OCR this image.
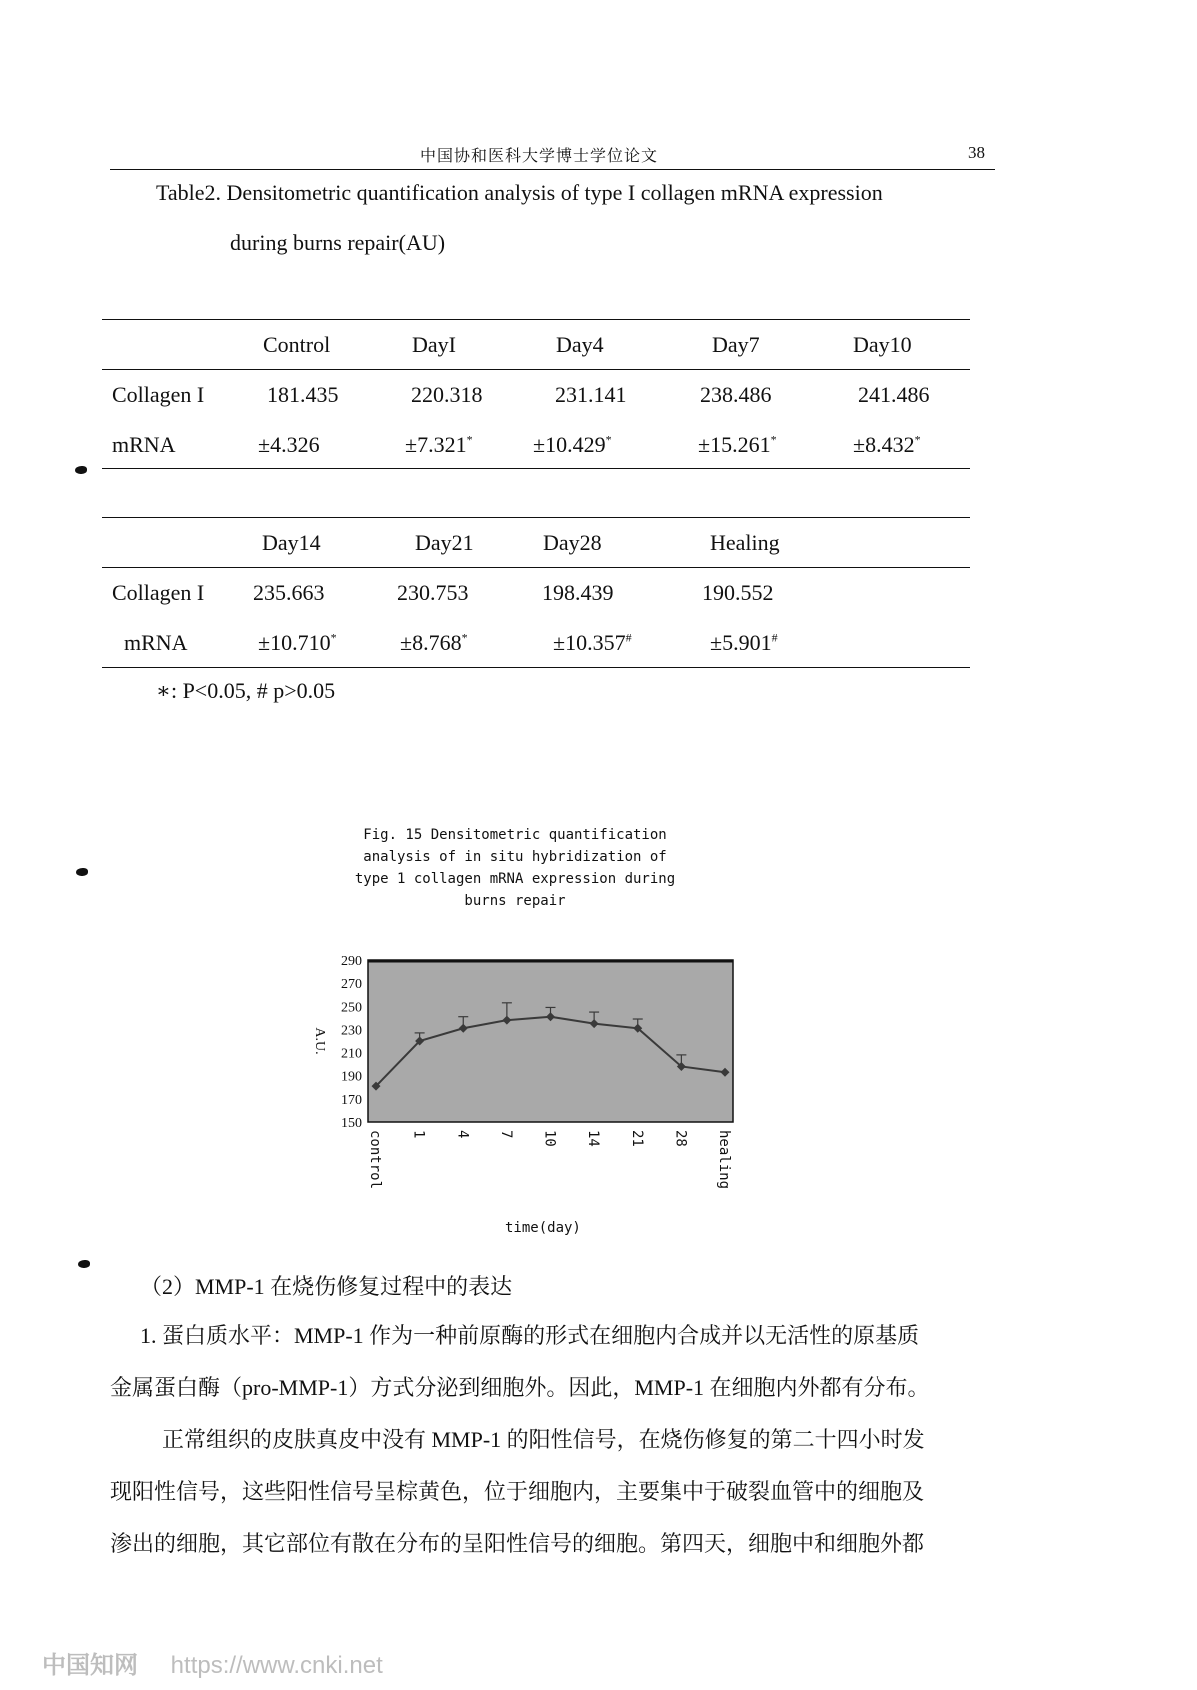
中国协和医科大学博士学位论文	38
Table2. Densitometric quantification analysis of type I collagen mRNA expression
during burns repair(AU)
Control	DayI	Day4	Day7	Day10
Collagen I	181.435	220.318	231.141	238.486	241.486
mRNA	±4.326	±7.321*	±10.429*	±15.261*	±8.432*
Day14	Day21	Day28	Healing
Collagen I 235.663	230.753	198.439	190.552
mRNA	±10.710*	±8.768*	±10.357#	±5.901#
∗: P<0.05, # p>0.05
Fig. 15 Densitometric quantification
analysis of in situ hybridization of
type 1 collagen mRNA expression during
burns repair
290
270
250
230
210
190
170
150
A.U.
control 1 4 7 10 14 21 28 healing
time(day)
（2）MMP-1 在烧伤修复过程中的表达
1. 蛋白质水平：MMP-1 作为一种前原酶的形式在细胞内合成并以无活性的原基质
金属蛋白酶（pro-MMP-1）方式分泌到细胞外。因此，MMP-1 在细胞内外都有分布。
正常组织的皮肤真皮中没有 MMP-1 的阳性信号，在烧伤修复的第二十四小时发
现阳性信号，这些阳性信号呈棕黄色，位于细胞内，主要集中于破裂血管中的细胞及
渗出的细胞，其它部位有散在分布的呈阳性信号的细胞。第四天，细胞中和细胞外都
中国知网 https://www.cnki.net
